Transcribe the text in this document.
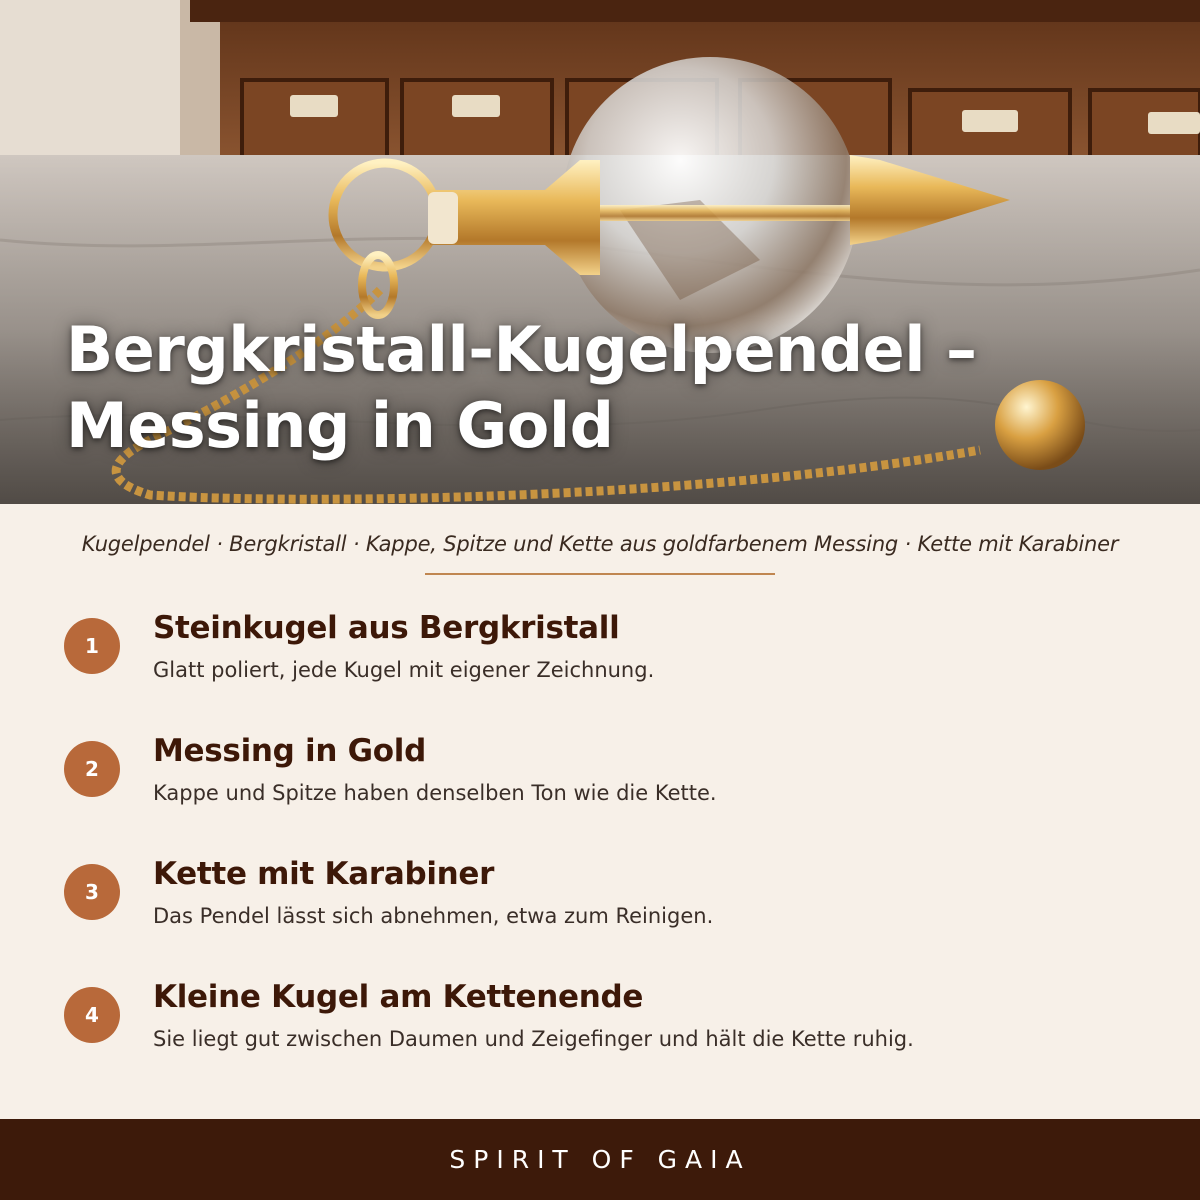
Bergkristall-Kugelpendel –
Messing in Gold

Kugelpendel · Bergkristall · Kappe, Spitze und Kette aus goldfarbenem Messing · Kette mit Karabiner

1	Steinkugel aus Bergkristall

Glatt poliert, jede Kugel mit eigener Zeichnung.

2	Messing in Gold

Kappe und Spitze haben denselben Ton wie die Kette.

3	Kette mit Karabiner

Das Pendel lässt sich abnehmen, etwa zum Reinigen.

4	Kleine Kugel am Kettenende

Sie liegt gut zwischen Daumen und Zeigefinger und hält die Kette ruhig.

SPIRIT OF GAIA
